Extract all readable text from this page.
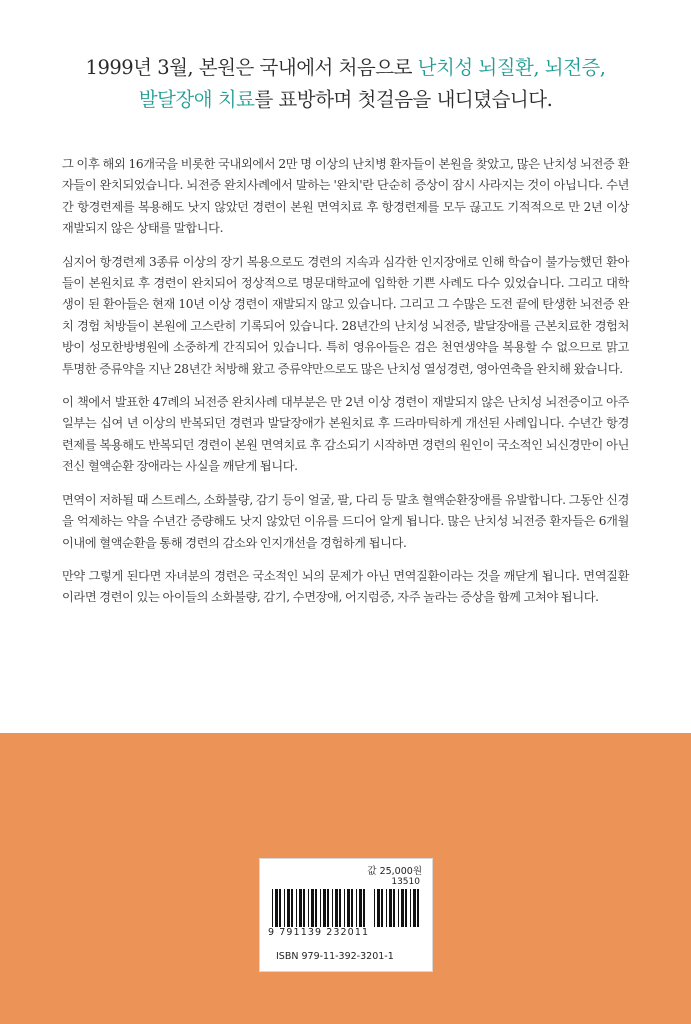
1999년 3월, 본원은 국내에서 처음으로 난치성 뇌질환, 뇌전증,
발달장애 치료를 표방하며 첫걸음을 내디뎠습니다.

그 이후 해외 16개국을 비롯한 국내외에서 2만 명 이상의 난치병 환자들이 본원을 찾았고, 많은 난치성 뇌전증 환자들이 완치되었습니다. 뇌전증 완치사례에서 말하는 '완치'란 단순히 증상이 잠시 사라지는 것이 아닙니다. 수년간 항경련제를 복용해도 낫지 않았던 경련이 본원 면역치료 후 항경련제를 모두 끊고도 기적적으로 만 2년 이상 재발되지 않은 상태를 말합니다.

심지어 항경련제 3종류 이상의 장기 복용으로도 경련의 지속과 심각한 인지장애로 인해 학습이 불가능했던 환아들이 본원치료 후 경련이 완치되어 정상적으로 명문대학교에 입학한 기쁜 사례도 다수 있었습니다. 그리고 대학생이 된 환아들은 현재 10년 이상 경련이 재발되지 않고 있습니다. 그리고 그 수많은 도전 끝에 탄생한 뇌전증 완치 경험 처방들이 본원에 고스란히 기록되어 있습니다. 28년간의 난치성 뇌전증, 발달장애를 근본치료한 경험처방이 성모한방병원에 소중하게 간직되어 있습니다. 특히 영유아들은 검은 천연생약을 복용할 수 없으므로 맑고 투명한 증류약을 지난 28년간 처방해 왔고 증류약만으로도 많은 난치성 열성경련, 영아연축을 완치해 왔습니다.

이 책에서 발표한 47례의 뇌전증 완치사례 대부분은 만 2년 이상 경련이 재발되지 않은 난치성 뇌전증이고 아주 일부는 십여 년 이상의 반복되던 경련과 발달장애가 본원치료 후 드라마틱하게 개선된 사례입니다. 수년간 항경련제를 복용해도 반복되던 경련이 본원 면역치료 후 감소되기 시작하면 경련의 원인이 국소적인 뇌신경만이 아닌 전신 혈액순환 장애라는 사실을 깨닫게 됩니다.

면역이 저하될 때 스트레스, 소화불량, 감기 등이 얼굴, 팔, 다리 등 말초 혈액순환장애를 유발합니다. 그동안 신경을 억제하는 약을 수년간 증량해도 낫지 않았던 이유를 드디어 알게 됩니다. 많은 난치성 뇌전증 환자들은 6개월 이내에 혈액순환을 통해 경련의 감소와 인지개선을 경험하게 됩니다.

만약 그렇게 된다면 자녀분의 경련은 국소적인 뇌의 문제가 아닌 면역질환이라는 것을 깨닫게 됩니다. 면역질환이라면 경련이 있는 아이들의 소화불량, 감기, 수면장애, 어지럼증, 자주 놀라는 증상을 함께 고쳐야 됩니다.

값 25,000원
13510
9 791139 232011
ISBN 979-11-392-3201-1
